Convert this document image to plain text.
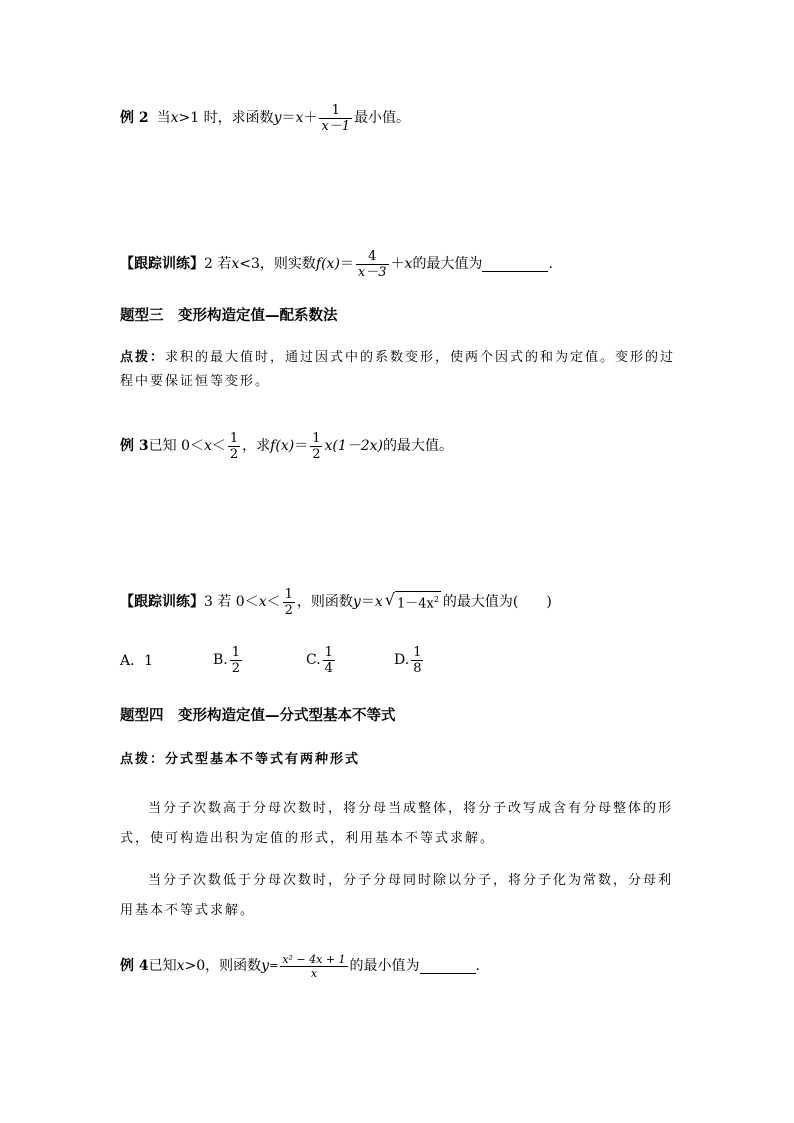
例 2 当 x >1 时，求函数 $y = x + \frac{1}{x-1}$ 最小值。
【跟踪训练】 2 若 x <3，则实数 $f(x) = \frac{4}{x-3} + x$ 的最大值为	.
题型三　变形构造定值—配系数法
点拨：求积的最大值时，通过因式中的系数变形，使两个因式的和为定值。变形的过程中要保证恒等变形。
例 3 已知 $0< x < \frac{1}{2}$ ，求 $f(x) = \frac{1}{2} x(1-2x)$ 的最大值。
【跟踪训练】 3 若 $0< x < \frac{1}{2}$ ，则函数 y ＝ x √ $1-4x^2$ 的最大值为(　　)
A．1	B. $\frac{1}{2}$	C. $\frac{1}{4}$	D. $\frac{1}{8}$
题型四　变形构造定值—分式型基本不等式
点拨：分式型基本不等式有两种形式
当分子次数高于分母次数时，将分母当成整体，将分子改写成含有分母整体的形式，使可构造出积为定值的形式，利用基本不等式求解。
当分子次数低于分母次数时，分子分母同时除以分子，将分子化为常数，分母利用基本不等式求解。
例 4 已知 x >0，则函数 $y = \frac{\text{x² − 4x + 1}}{x}$ 的最小值为	.
